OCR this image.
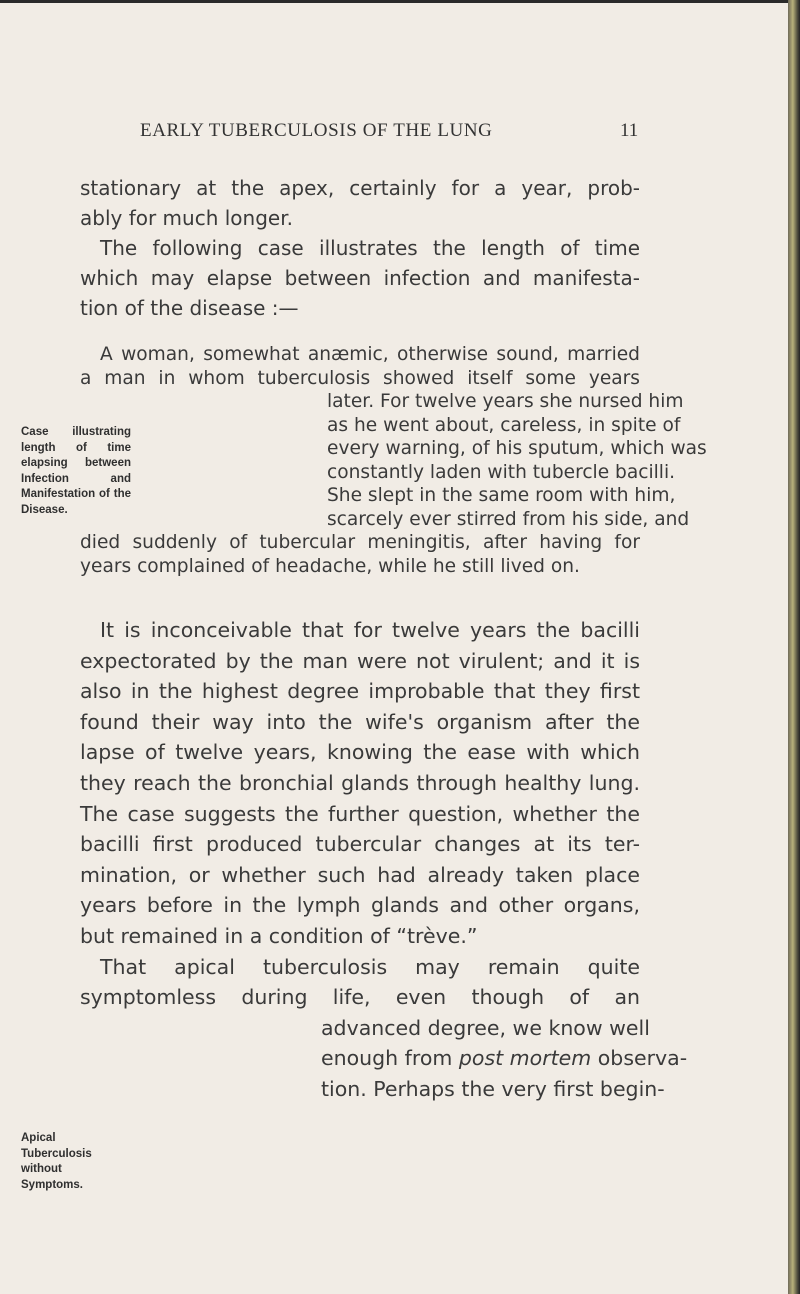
EARLY TUBERCULOSIS OF THE LUNG	11
stationary at the apex, certainly for a year, prob-
ably for much longer.
The following case illustrates the length of time
which may elapse between infection and manifesta-
tion of the disease :—
Case illustrating length of time elapsing between Infection and Manifestation of the Disease.
A woman, somewhat anæmic, otherwise sound, married
a man in whom tuberculosis showed itself some years
later. For twelve years she nursed him
as he went about, careless, in spite of
every warning, of his sputum, which was
constantly laden with tubercle bacilli.
She slept in the same room with him,
scarcely ever stirred from his side, and
died suddenly of tubercular meningitis, after having for
years complained of headache, while he still lived on.
It is inconceivable that for twelve years the bacilli
expectorated by the man were not virulent; and it is
also in the highest degree improbable that they first
found their way into the wife's organism after the
lapse of twelve years, knowing the ease with which
they reach the bronchial glands through healthy lung.
The case suggests the further question, whether the
bacilli first produced tubercular changes at its ter-
mination, or whether such had already taken place
years before in the lymph glands and other organs,
but remained in a condition of “trève.”
That apical tuberculosis may remain quite
symptomless during life, even though of an
advanced degree, we know well
enough from post mortem observa-
tion. Perhaps the very first begin-
Apical Tuberculosis without Symptoms.
